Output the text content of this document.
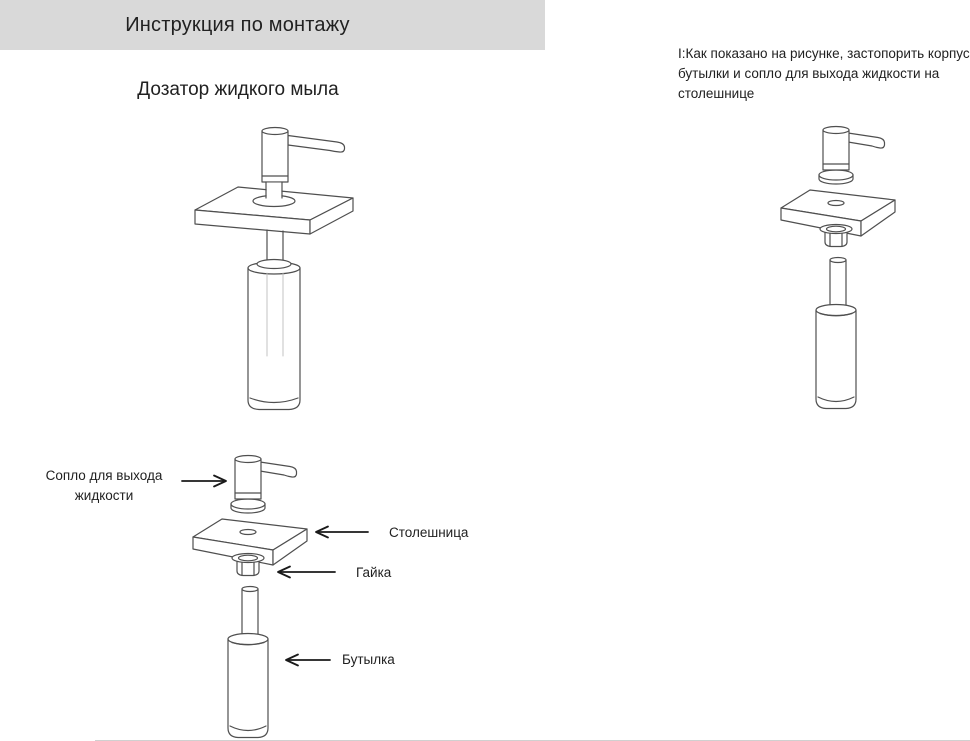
Инструкция по монтажу
Дозатор жидкого мыла
I:Как показано на рисунке, застопорить корпус
бутылки и сопло для выхода жидкости на
столешнице
Сопло для выхода
жидкости
Столешница
Гайка
Бутылка
